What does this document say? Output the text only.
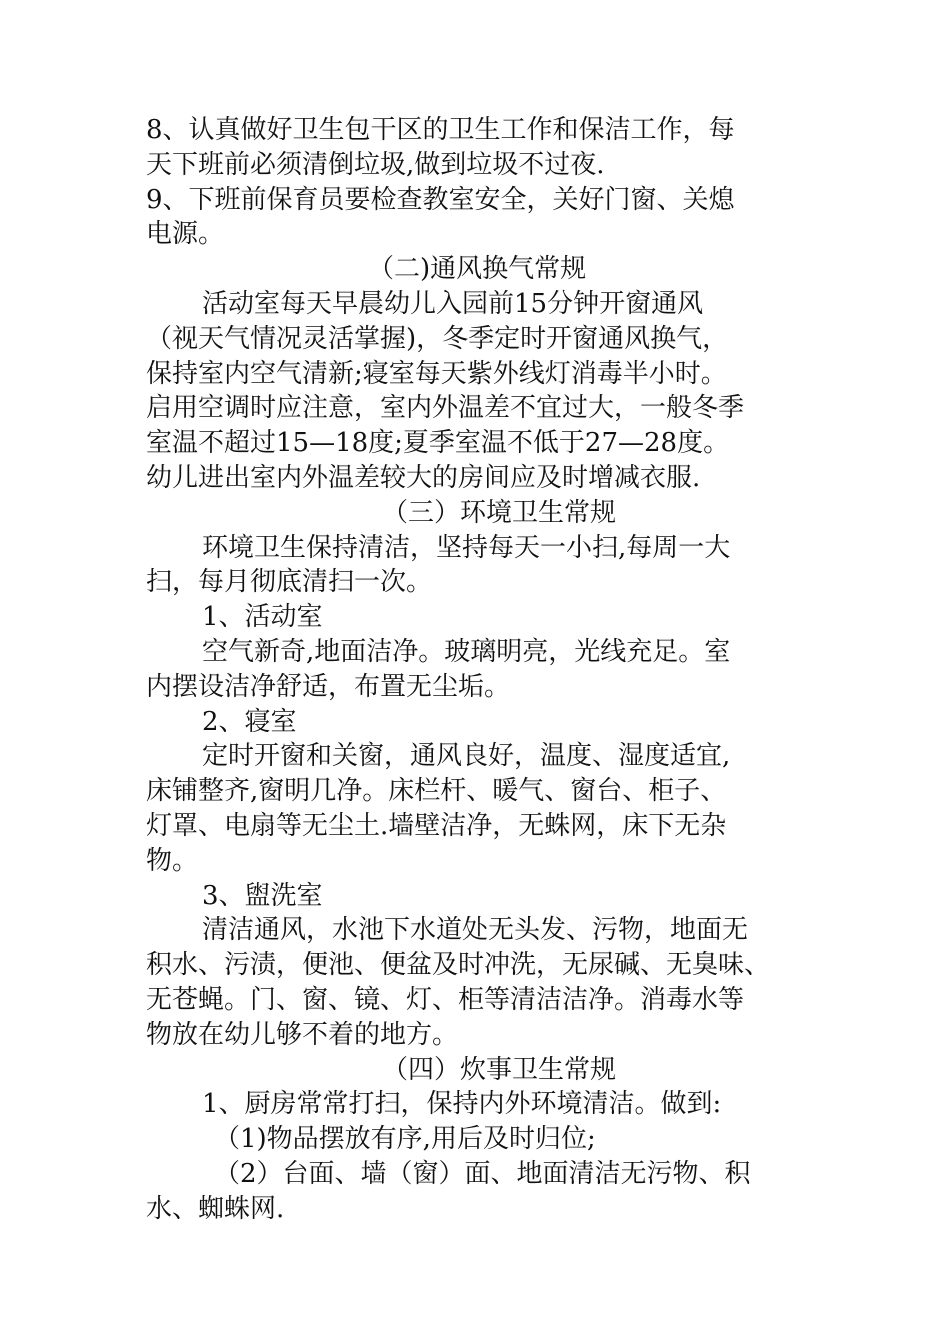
8、认真做好卫生包干区的卫生工作和保洁工作，每
天下班前必须清倒垃圾,做到垃圾不过夜.
9、下班前保育员要检查教室安全，关好门窗、关熄
电源。
（二)通风换气常规
活动室每天早晨幼儿入园前15分钟开窗通风
（视天气情况灵活掌握)，冬季定时开窗通风换气，
保持室内空气清新;寝室每天紫外线灯消毒半小时。
启用空调时应注意，室内外温差不宜过大，一般冬季
室温不超过15—18度;夏季室温不低于27—28度。
幼儿进出室内外温差较大的房间应及时增减衣服.
（三）环境卫生常规
环境卫生保持清洁，坚持每天一小扫,每周一大
扫，每月彻底清扫一次。
1、活动室
空气新奇,地面洁净。玻璃明亮，光线充足。室
内摆设洁净舒适，布置无尘垢。
2、寝室
定时开窗和关窗，通风良好，温度、湿度适宜,
床铺整齐,窗明几净。床栏杆、暖气、窗台、柜子、
灯罩、电扇等无尘土.墙壁洁净，无蛛网，床下无杂
物。
3、盥洗室
清洁通风，水池下水道处无头发、污物，地面无
积水、污渍，便池、便盆及时冲洗，无尿碱、无臭味、
无苍蝇。门、窗、镜、灯、柜等清洁洁净。消毒水等
物放在幼儿够不着的地方。
（四）炊事卫生常规
1、厨房常常打扫，保持内外环境清洁。做到:
（1)物品摆放有序,用后及时归位;
（2）台面、墙（窗）面、地面清洁无污物、积
水、蜘蛛网.
